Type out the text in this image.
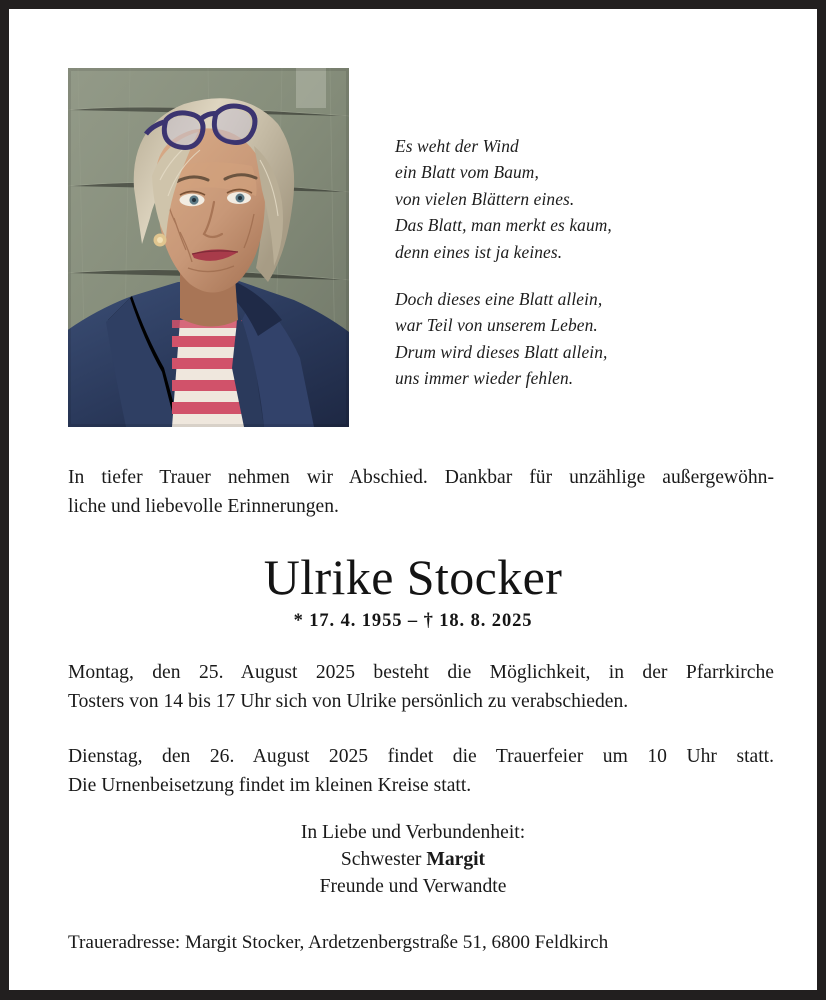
Es weht der Wind
ein Blatt vom Baum,
von vielen Blättern eines.
Das Blatt, man merkt es kaum,
denn eines ist ja keines.
Doch dieses eine Blatt allein,
war Teil von unserem Leben.
Drum wird dieses Blatt allein,
uns immer wieder fehlen.
In tiefer Trauer nehmen wir Abschied. Dankbar für unzählige außergewöhn-
liche und liebevolle Erinnerungen.
Ulrike Stocker
* 17. 4. 1955 – † 18. 8. 2025

Montag, den 25. August 2025 besteht die Möglichkeit, in der Pfarrkirche
Tosters von 14 bis 17 Uhr sich von Ulrike persönlich zu verabschieden.

Dienstag, den 26. August 2025 findet die Trauerfeier um 10 Uhr statt.
Die Urnenbeisetzung findet im kleinen Kreise statt.

In Liebe und Verbundenheit:
Schwester Margit
Freunde und Verwandte
Traueradresse: Margit Stocker, Ardetzenbergstraße 51, 6800 Feldkirch
